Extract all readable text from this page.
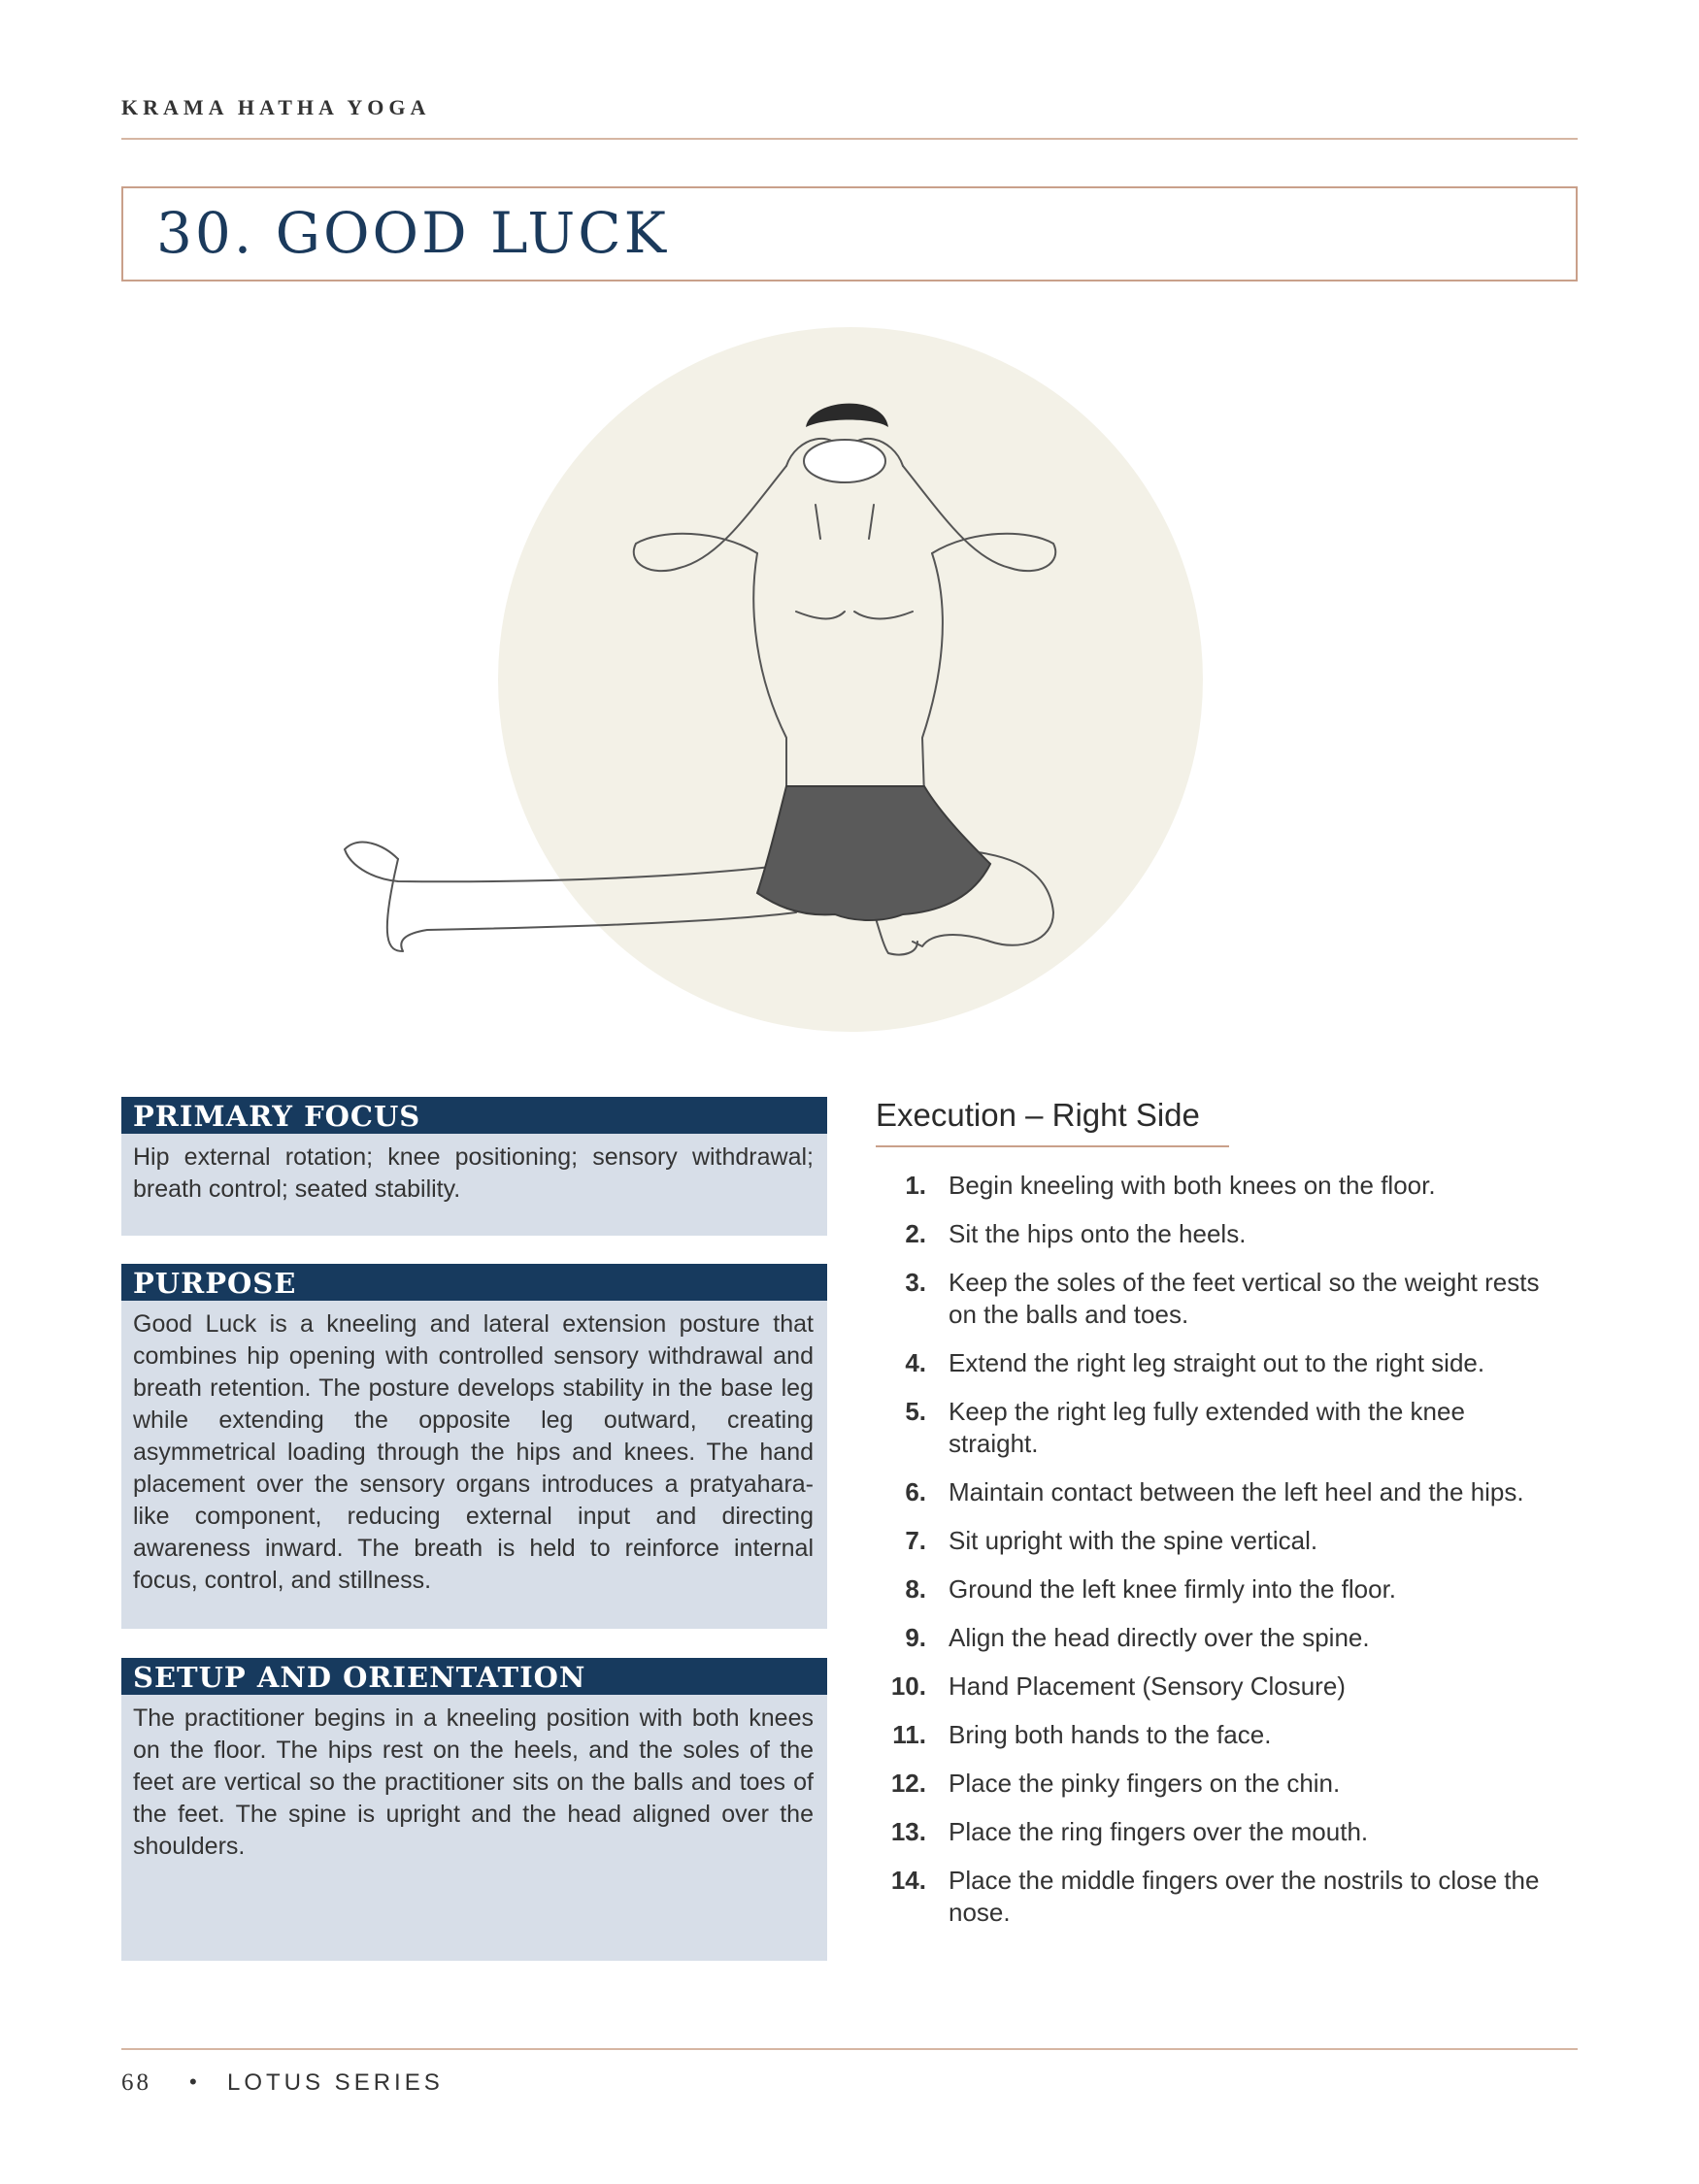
KRAMA HATHA YOGA
30. GOOD LUCK
PRIMARY FOCUS
Hip external rotation; knee positioning; sensory withdrawal; breath control; seated stability.
PURPOSE
Good Luck is a kneeling and lateral extension posture that combines hip opening with controlled sensory withdrawal and breath retention. The posture develops stability in the base leg while extending the opposite leg outward, creating asymmetrical loading through the hips and knees. The hand placement over the sensory organs introduces a pratyahara-like component, reducing external input and directing awareness inward. The breath is held to reinforce internal focus, control, and stillness.
SETUP AND ORIENTATION
The practitioner begins in a kneeling position with both knees on the floor. The hips rest on the heels, and the soles of the feet are vertical so the practitioner sits on the balls and toes of the feet. The spine is upright and the head aligned over the shoulders.
Execution – Right Side
1. Begin kneeling with both knees on the floor.
2. Sit the hips onto the heels.
3. Keep the soles of the feet vertical so the weight rests on the balls and toes.
4. Extend the right leg straight out to the right side.
5. Keep the right leg fully extended with the knee straight.
6. Maintain contact between the left heel and the hips.
7. Sit upright with the spine vertical.
8. Ground the left knee firmly into the floor.
9. Align the head directly over the spine.
10. Hand Placement (Sensory Closure)
11. Bring both hands to the face.
12. Place the pinky fingers on the chin.
13. Place the ring fingers over the mouth.
14. Place the middle fingers over the nostrils to close the nose.
68 • LOTUS SERIES
